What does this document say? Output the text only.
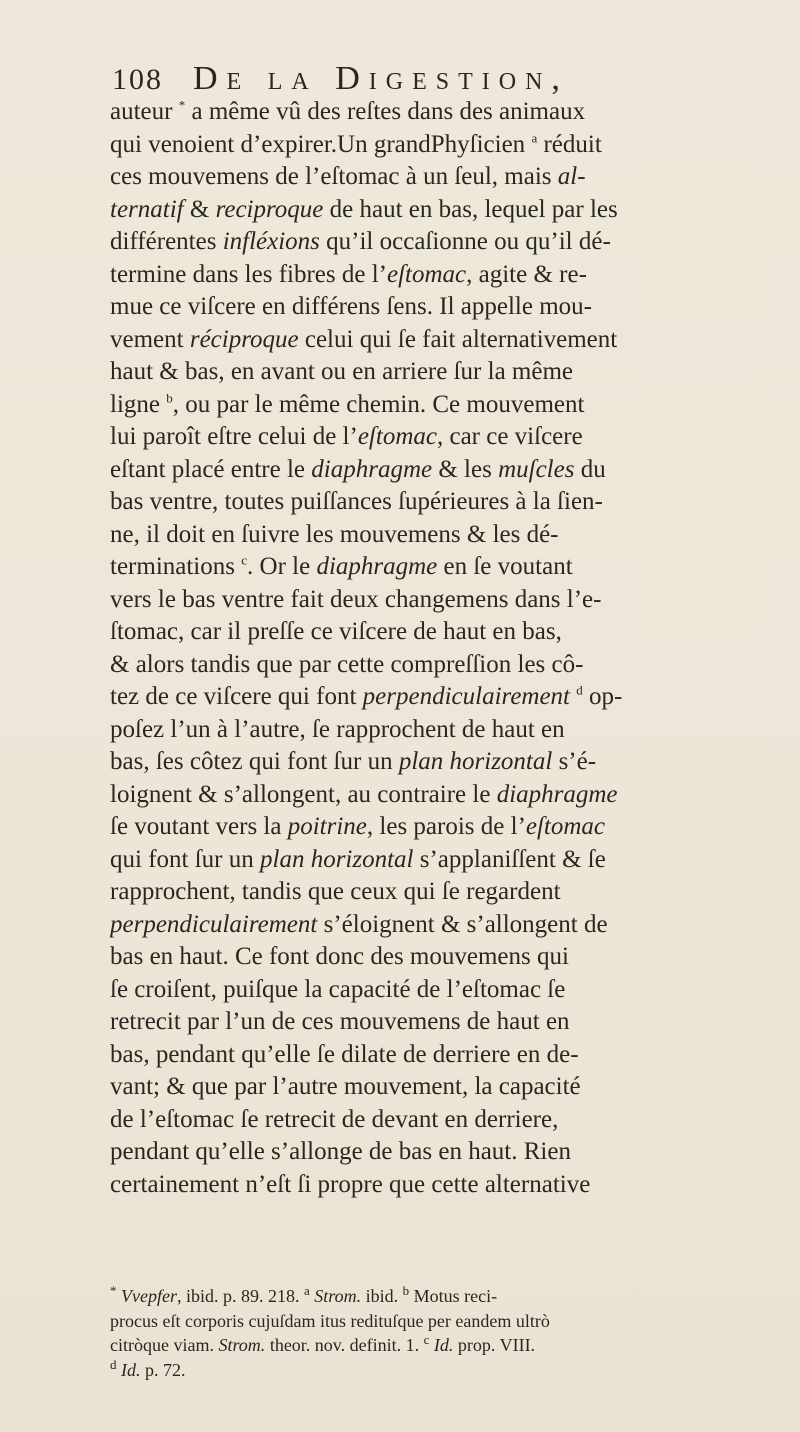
108 De la Digestion,
auteur * a même vû des reſtes dans des animaux
qui venoient d’expirer.Un grandPhyſicien $^a$ réduit
ces mouvemens de l’eſtomac à un ſeul, mais al-
ternatif & reciproque de haut en bas, lequel par les
différentes infléxions qu’il occaſionne ou qu’il dé-
termine dans les fibres de l’eſtomac, agite & re-
mue ce viſcere en différens ſens. Il appelle mou-
vement réciproque celui qui ſe fait alternativement
haut & bas, en avant ou en arriere ſur la même
ligne $^b$, ou par le même chemin. Ce mouvement
lui paroît eſtre celui de l’eſtomac, car ce viſcere
eſtant placé entre le diaphragme & les muſcles du
bas ventre, toutes puiſſances ſupérieures à la ſien-
ne, il doit en ſuivre les mouvemens & les dé-
terminations $^c$. Or le diaphragme en ſe voutant
vers le bas ventre fait deux changemens dans l’e-
ſtomac, car il preſſe ce viſcere de haut en bas,
& alors tandis que par cette compreſſion les cô-
tez de ce viſcere qui font perpendiculairement $^d$ op-
poſez l’un à l’autre, ſe rapprochent de haut en
bas, ſes côtez qui font ſur un plan horizontal s’é-
loignent & s’allongent, au contraire le diaphragme
ſe voutant vers la poitrine, les parois de l’eſtomac
qui font ſur un plan horizontal s’applaniſſent & ſe
rapprochent, tandis que ceux qui ſe regardent
perpendiculairement s’éloignent & s’allongent de
bas en haut. Ce font donc des mouvemens qui
ſe croiſent, puiſque la capacité de l’eſtomac ſe
retrecit par l’un de ces mouvemens de haut en
bas, pendant qu’elle ſe dilate de derriere en de-
vant; & que par l’autre mouvement, la capacité
de l’eſtomac ſe retrecit de devant en derriere,
pendant qu’elle s’allonge de bas en haut. Rien
certainement n’eſt ſi propre que cette alternative
* Vvepfer, ibid. p. 89. 218. $^a$ Strom. ibid. $^b$ Motus reci-
procus eſt corporis cujuſdam itus redituſque per eandem ultrò
citròque viam. Strom. theor. nov. definit. 1. $^c$ Id. prop. VIII.
$^d$ Id. p. 72.
